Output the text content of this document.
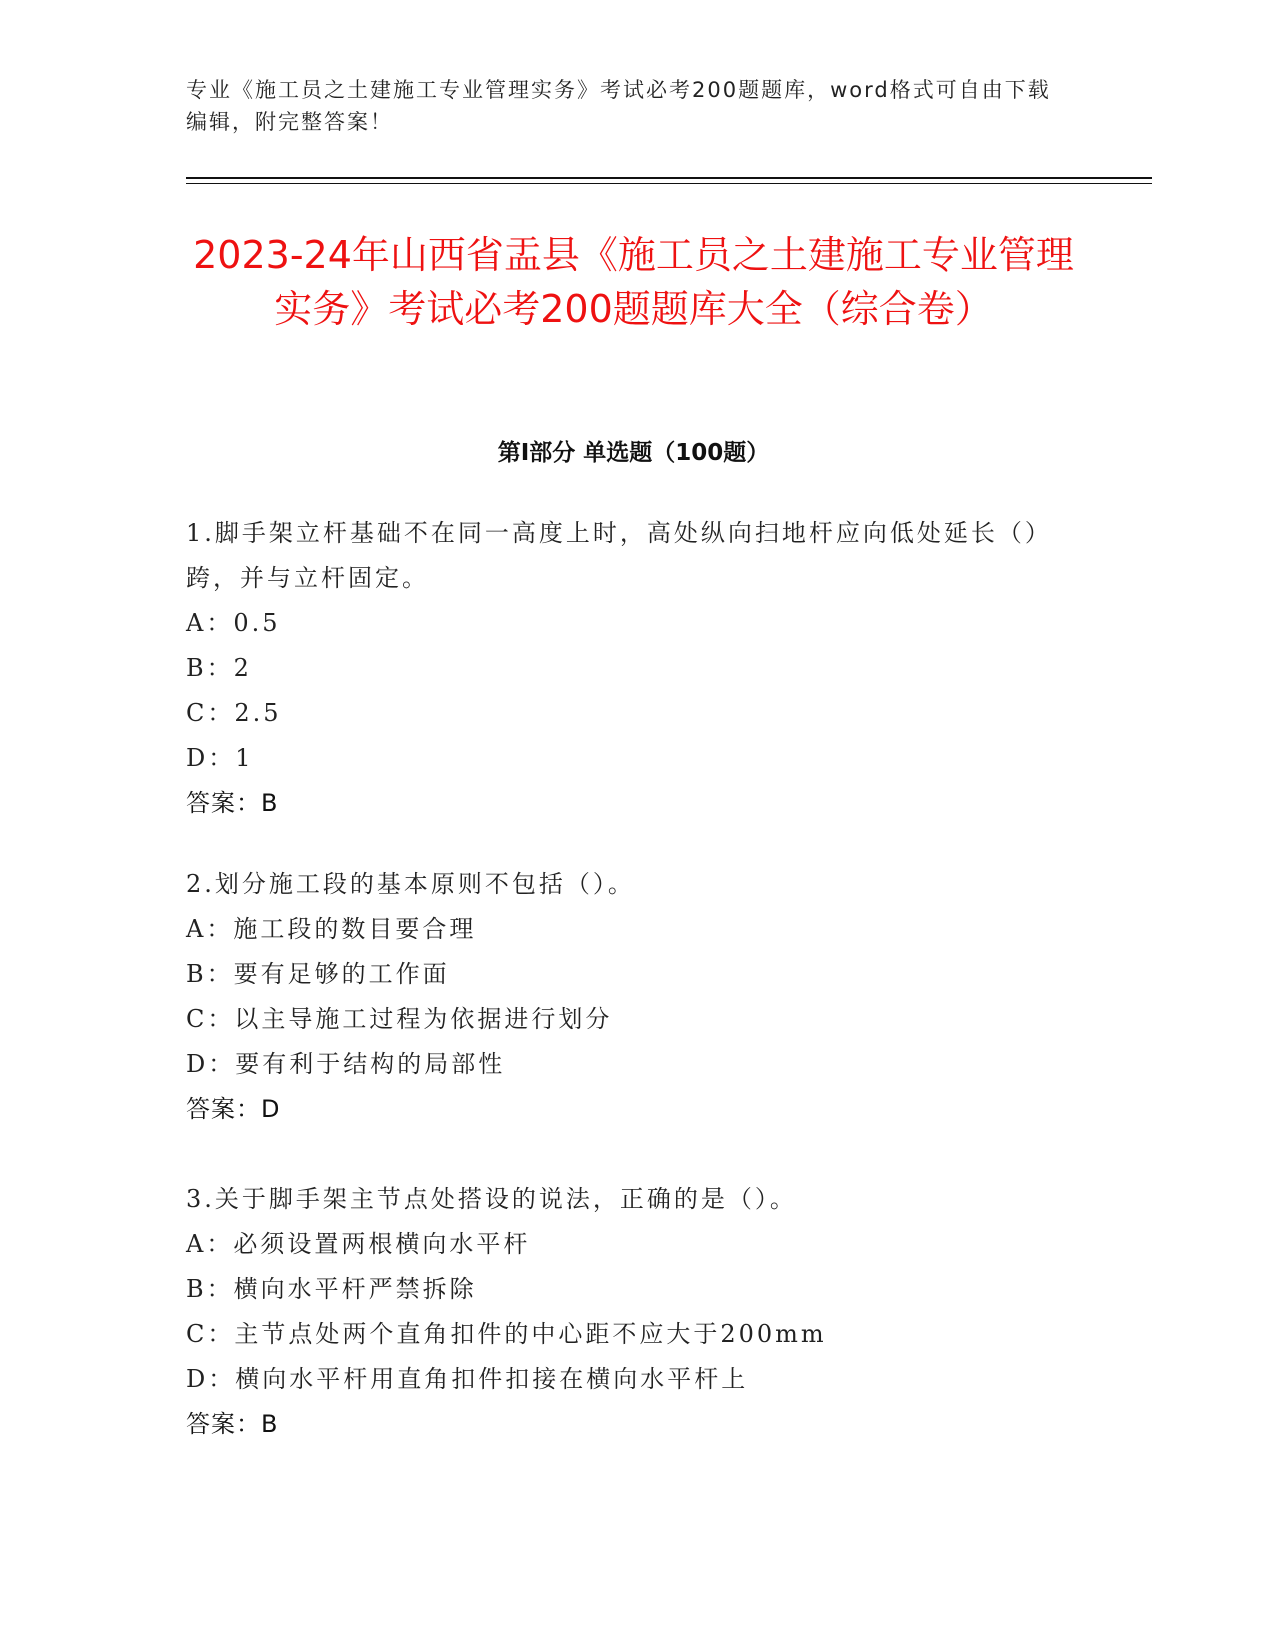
专业《施工员之土建施工专业管理实务》考试必考200题题库，word格式可自由下载编辑，附完整答案！
2023-24年山西省盂县《施工员之土建施工专业管理实务》考试必考200题题库大全（综合卷）
第I部分 单选题（100题）
1.脚手架立杆基础不在同一高度上时，高处纵向扫地杆应向低处延长（）跨，并与立杆固定。
A：0.5
B：2
C：2.5
D：1
答案：B
2.划分施工段的基本原则不包括（）。
A：施工段的数目要合理
B：要有足够的工作面
C：以主导施工过程为依据进行划分
D：要有利于结构的局部性
答案：D
3.关于脚手架主节点处搭设的说法，正确的是（）。
A：必须设置两根横向水平杆
B：横向水平杆严禁拆除
C：主节点处两个直角扣件的中心距不应大于200mm
D：横向水平杆用直角扣件扣接在横向水平杆上
答案：B
